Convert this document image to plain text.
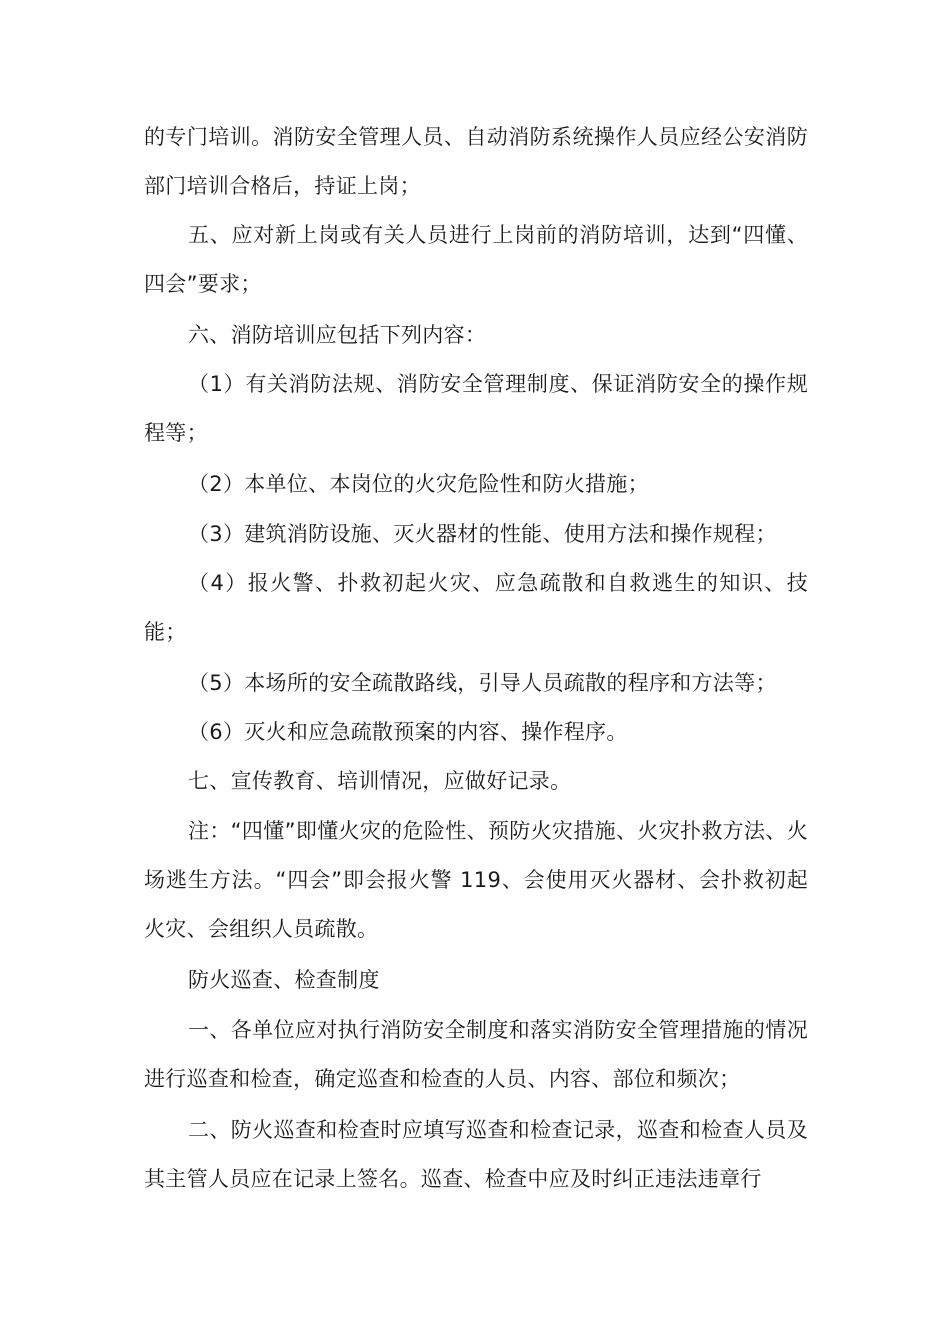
的专门培训。消防安全管理人员、自动消防系统操作人员应经公安消防部门培训合格后，持证上岗；

五、应对新上岗或有关人员进行上岗前的消防培训，达到“四懂、四会”要求；

六、消防培训应包括下列内容：

（1）有关消防法规、消防安全管理制度、保证消防安全的操作规程等；

（2）本单位、本岗位的火灾危险性和防火措施；

（3）建筑消防设施、灭火器材的性能、使用方法和操作规程；

（4）报火警、扑救初起火灾、应急疏散和自救逃生的知识、技能；

（5）本场所的安全疏散路线，引导人员疏散的程序和方法等；

（6）灭火和应急疏散预案的内容、操作程序。

七、宣传教育、培训情况，应做好记录。

注：“四懂”即懂火灾的危险性、预防火灾措施、火灾扑救方法、火场逃生方法。“四会”即会报火警 119、会使用灭火器材、会扑救初起火灾、会组织人员疏散。

防火巡查、检查制度

一、各单位应对执行消防安全制度和落实消防安全管理措施的情况进行巡查和检查，确定巡查和检查的人员、内容、部位和频次；

二、防火巡查和检查时应填写巡查和检查记录，巡查和检查人员及其主管人员应在记录上签名。巡查、检查中应及时纠正违法违章行
